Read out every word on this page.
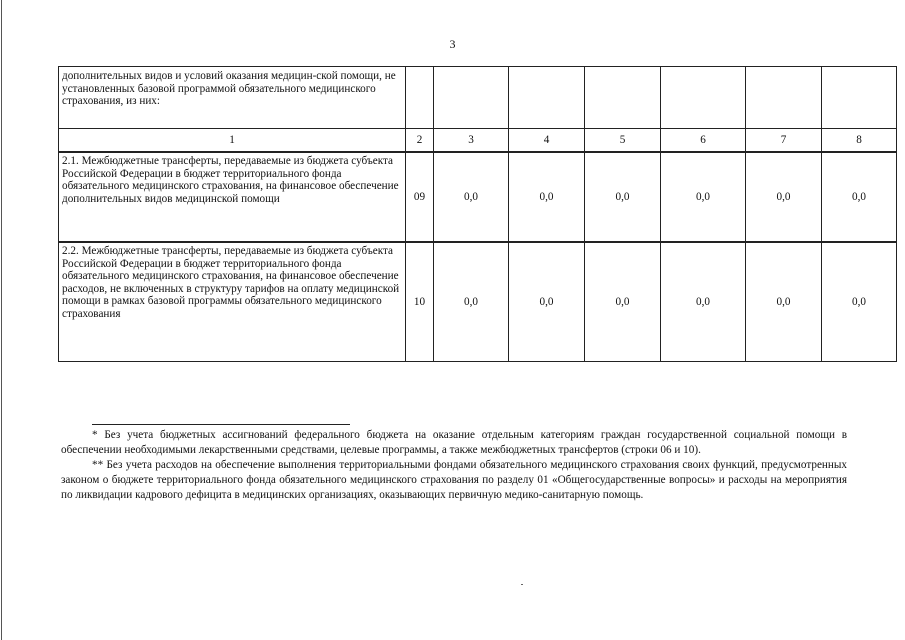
3
дополнительных видов и условий оказания медицин-ской помощи, не установленных базовой программой обязательного медицинского страхования, из них:							
1	2	3	4	5	6	7	8
2.1. Межбюджетные трансферты, передаваемые из бюджета субъекта Российской Федерации в бюджет территориального фонда обязательного медицинского страхования, на финансовое обеспечение дополнительных видов медицинской помощи	09	0,0	0,0	0,0	0,0	0,0	0,0
2.2. Межбюджетные трансферты, передаваемые из бюджета субъекта Российской Федерации в бюджет территориального фонда обязательного медицинского страхования, на финансовое обеспечение расходов, не включенных в структуру тарифов на оплату медицинской помощи в рамках базовой программы обязательного медицинского страхования	10	0,0	0,0	0,0	0,0	0,0	0,0

* Без учета бюджетных ассигнований федерального бюджета на оказание отдельным категориям граждан государственной социальной помощи в обеспечении необходимыми лекарственными средствами, целевые программы, а также межбюджетных трансфертов (строки 06 и 10).

** Без учета расходов на обеспечение выполнения территориальными фондами обязательного медицинского страхования своих функций, предусмотренных законом о бюджете территориального фонда обязательного медицинского страхования по разделу 01 «Общегосударственные вопросы» и расходы на мероприятия по ликвидации кадрового дефицита в медицинских организациях, оказывающих первичную медико-санитарную помощь.
